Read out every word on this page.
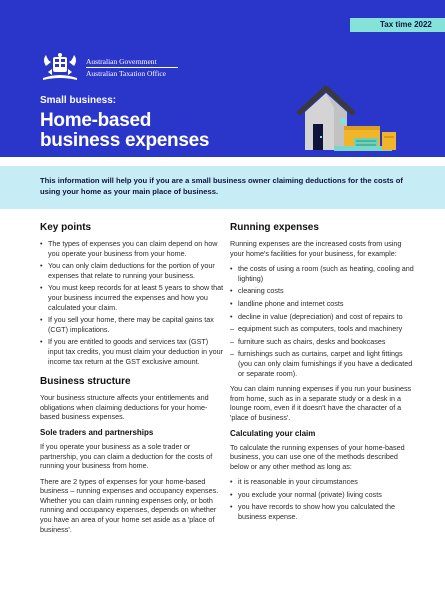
Tax time 2022
Australian Government
Australian Taxation Office
Small business:
Home-based
business expenses
This information will help you if you are a small business owner claiming deductions for the costs of using your home as your main place of business.
Key points
• The types of expenses you can claim depend on how you operate your business from your home.
• You can only claim deductions for the portion of your expenses that relate to running your business.
• You must keep records for at least 5 years to show that your business incurred the expenses and how you calculated your claim.
• If you sell your home, there may be capital gains tax (CGT) implications.
• If you are entitled to goods and services tax (GST) input tax credits, you must claim your deduction in your income tax return at the GST exclusive amount.
Business structure

Your business structure affects your entitlements and obligations when claiming deductions for your home-based business expenses.

Sole traders and partnerships

If you operate your business as a sole trader or partnership, you can claim a deduction for the costs of running your business from home.

There are 2 types of expenses for your home-based business – running expenses and occupancy expenses. Whether you can claim running expenses only, or both running and occupancy expenses, depends on whether you have an area of your home set aside as a 'place of business'.

Running expenses

Running expenses are the increased costs from using your home's facilities for your business, for example:

• the costs of using a room (such as heating, cooling and lighting)
• cleaning costs
• landline phone and internet costs
• decline in value (depreciation) and cost of repairs to
– equipment such as computers, tools and machinery
– furniture such as chairs, desks and bookcases
– furnishings such as curtains, carpet and light fittings (you can only claim furnishings if you have a dedicated or separate room).

You can claim running expenses if you run your business from home, such as in a separate study or a desk in a lounge room, even if it doesn't have the character of a 'place of business'.

Calculating your claim

To calculate the running expenses of your home-based business, you can use one of the methods described below or any other method as long as:

• it is reasonable in your circumstances
• you exclude your normal (private) living costs
• you have records to show how you calculated the business expense.
